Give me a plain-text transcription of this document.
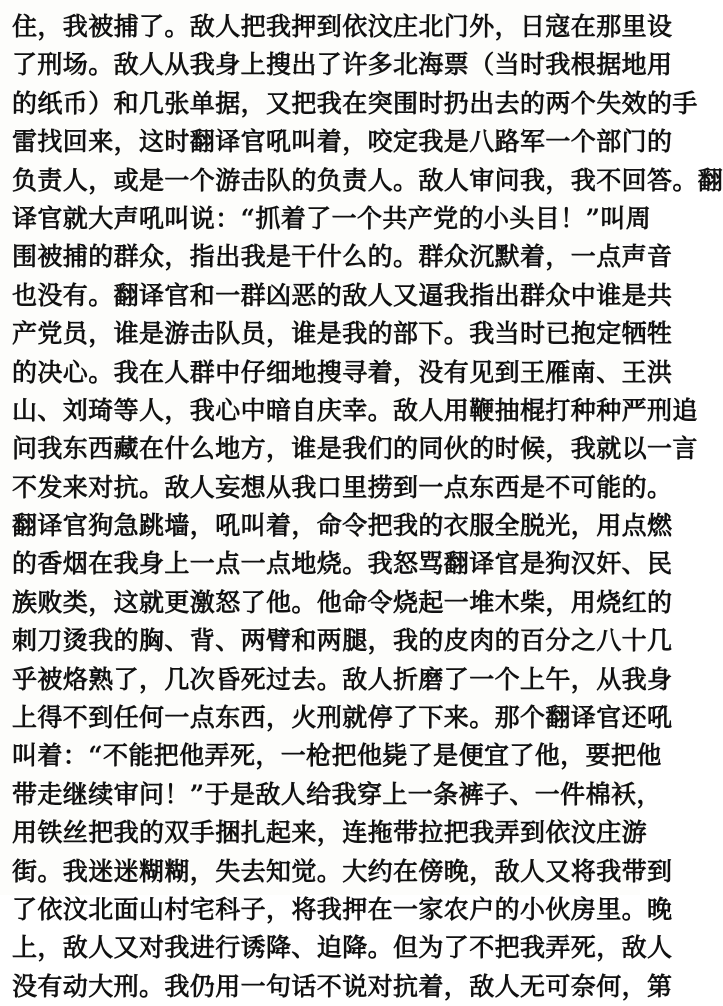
住，我被捕了。敌人把我押到依汶庄北门外，日寇在那里设
了刑场。敌人从我身上搜出了许多北海票（当时我根据地用
的纸币）和几张单据，又把我在突围时扔出去的两个失效的手
雷找回来，这时翻译官吼叫着，咬定我是八路军一个部门的
负责人，或是一个游击队的负责人。敌人审问我，我不回答。翻
译官就大声吼叫说：“抓着了一个共产党的小头目！”叫周
围被捕的群众，指出我是干什么的。群众沉默着，一点声音
也没有。翻译官和一群凶恶的敌人又逼我指出群众中谁是共
产党员，谁是游击队员，谁是我的部下。我当时已抱定牺牲
的决心。我在人群中仔细地搜寻着，没有见到王雁南、王洪
山、刘琦等人，我心中暗自庆幸。敌人用鞭抽棍打种种严刑追
问我东西藏在什么地方，谁是我们的同伙的时候，我就以一言
不发来对抗。敌人妄想从我口里捞到一点东西是不可能的。
翻译官狗急跳墙，吼叫着，命令把我的衣服全脱光，用点燃
的香烟在我身上一点一点地烧。我怒骂翻译官是狗汉奸、民
族败类，这就更激怒了他。他命令烧起一堆木柴，用烧红的
刺刀烫我的胸、背、两臂和两腿，我的皮肉的百分之八十几
乎被烙熟了，几次昏死过去。敌人折磨了一个上午，从我身
上得不到任何一点东西，火刑就停了下来。那个翻译官还吼
叫着：“不能把他弄死，一枪把他毙了是便宜了他，要把他
带走继续审问！”于是敌人给我穿上一条裤子、一件棉袄，
用铁丝把我的双手捆扎起来，连拖带拉把我弄到依汶庄游
街。我迷迷糊糊，失去知觉。大约在傍晚，敌人又将我带到
了依汶北面山村宅科子，将我押在一家农户的小伙房里。晚
上，敌人又对我进行诱降、迫降。但为了不把我弄死，敌人
没有动大刑。我仍用一句话不说对抗着，敌人无可奈何，第
